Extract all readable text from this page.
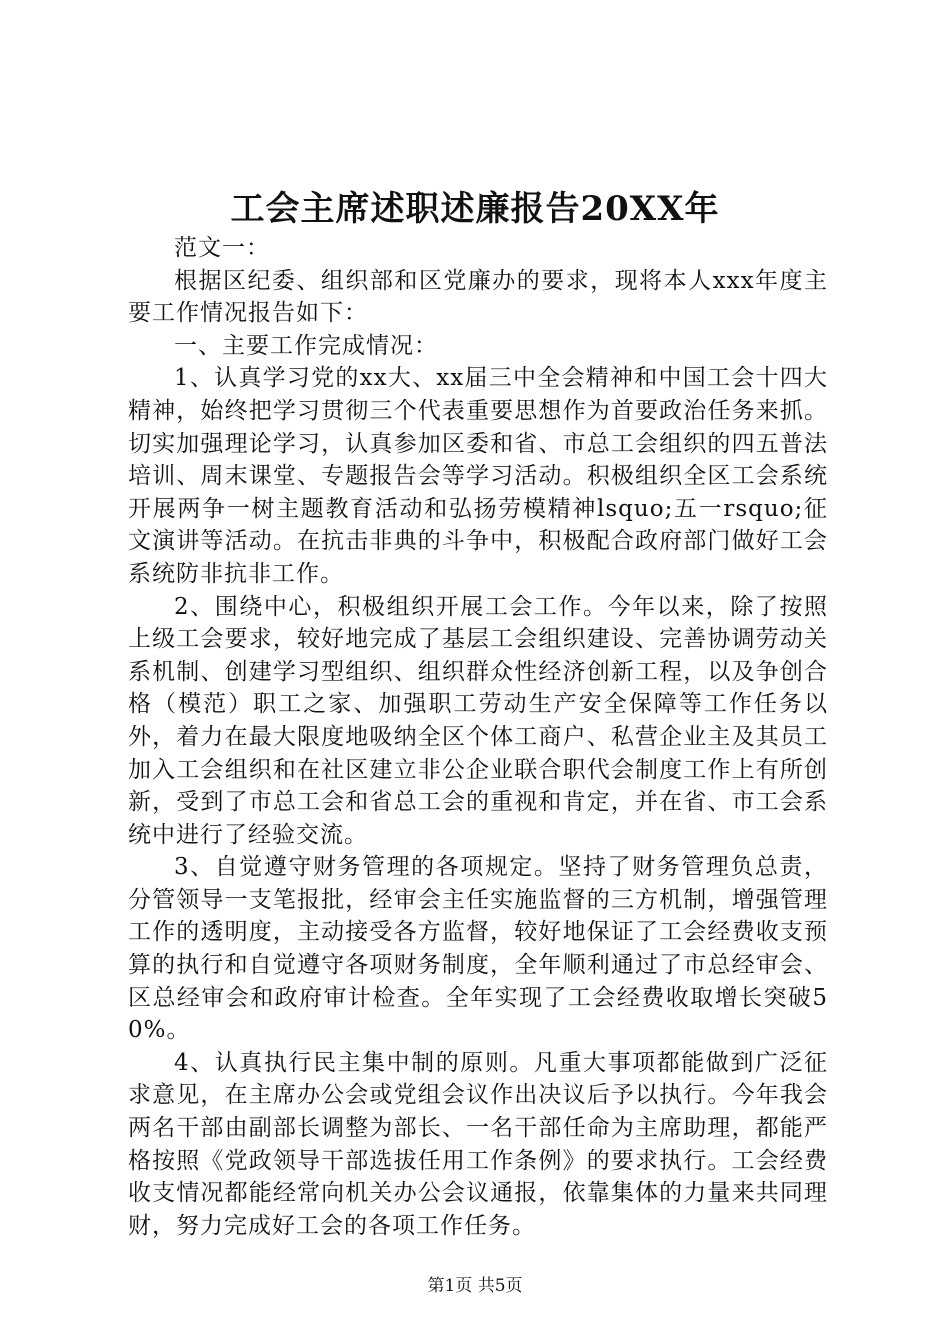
工会主席述职述廉报告20XX年

范文一：

根据区纪委、组织部和区党廉办的要求，现将本人xxx年度主要工作情况报告如下：

一、主要工作完成情况：

1、认真学习党的xx大、xx届三中全会精神和中国工会十四大精神，始终把学习贯彻三个代表重要思想作为首要政治任务来抓。切实加强理论学习，认真参加区委和省、市总工会组织的四五普法培训、周末课堂、专题报告会等学习活动。积极组织全区工会系统开展两争一树主题教育活动和弘扬劳模精神lsquo;五一rsquo;征文演讲等活动。在抗击非典的斗争中，积极配合政府部门做好工会系统防非抗非工作。

2、围绕中心，积极组织开展工会工作。今年以来，除了按照上级工会要求，较好地完成了基层工会组织建设、完善协调劳动关系机制、创建学习型组织、组织群众性经济创新工程，以及争创合格（模范）职工之家、加强职工劳动生产安全保障等工作任务以外，着力在最大限度地吸纳全区个体工商户、私营企业主及其员工加入工会组织和在社区建立非公企业联合职代会制度工作上有所创新，受到了市总工会和省总工会的重视和肯定，并在省、市工会系统中进行了经验交流。

3、自觉遵守财务管理的各项规定。坚持了财务管理负总责，分管领导一支笔报批，经审会主任实施监督的三方机制，增强管理工作的透明度，主动接受各方监督，较好地保证了工会经费收支预算的执行和自觉遵守各项财务制度，全年顺利通过了市总经审会、区总经审会和政府审计检查。全年实现了工会经费收取增长突破50%。

4、认真执行民主集中制的原则。凡重大事项都能做到广泛征求意见，在主席办公会或党组会议作出决议后予以执行。今年我会两名干部由副部长调整为部长、一名干部任命为主席助理，都能严格按照《党政领导干部选拔任用工作条例》的要求执行。工会经费收支情况都能经常向机关办公会议通报，依靠集体的力量来共同理财，努力完成好工会的各项工作任务。

第1页 共5页
